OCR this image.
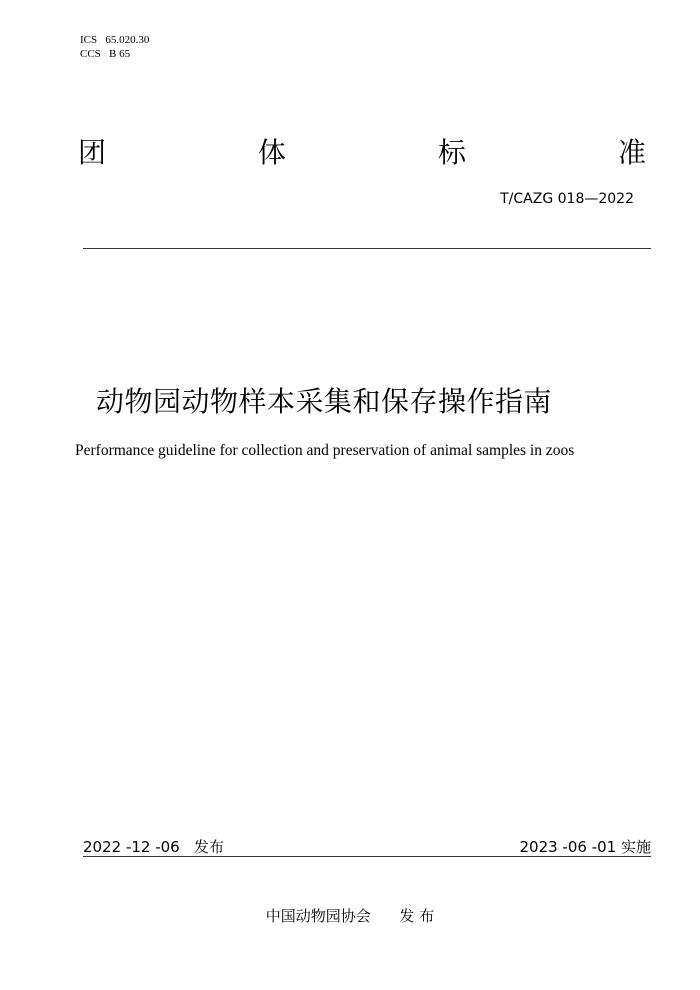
ICS   65.020.30
CCS   B 65
团	体	标	准
T/CAZG 018—2022
动物园动物样本采集和保存操作指南
Performance guideline for collection and preservation of animal samples in zoos
2022 -12 -06 发布	2023 -06 -01 实施
中国动物园协会 发 布
